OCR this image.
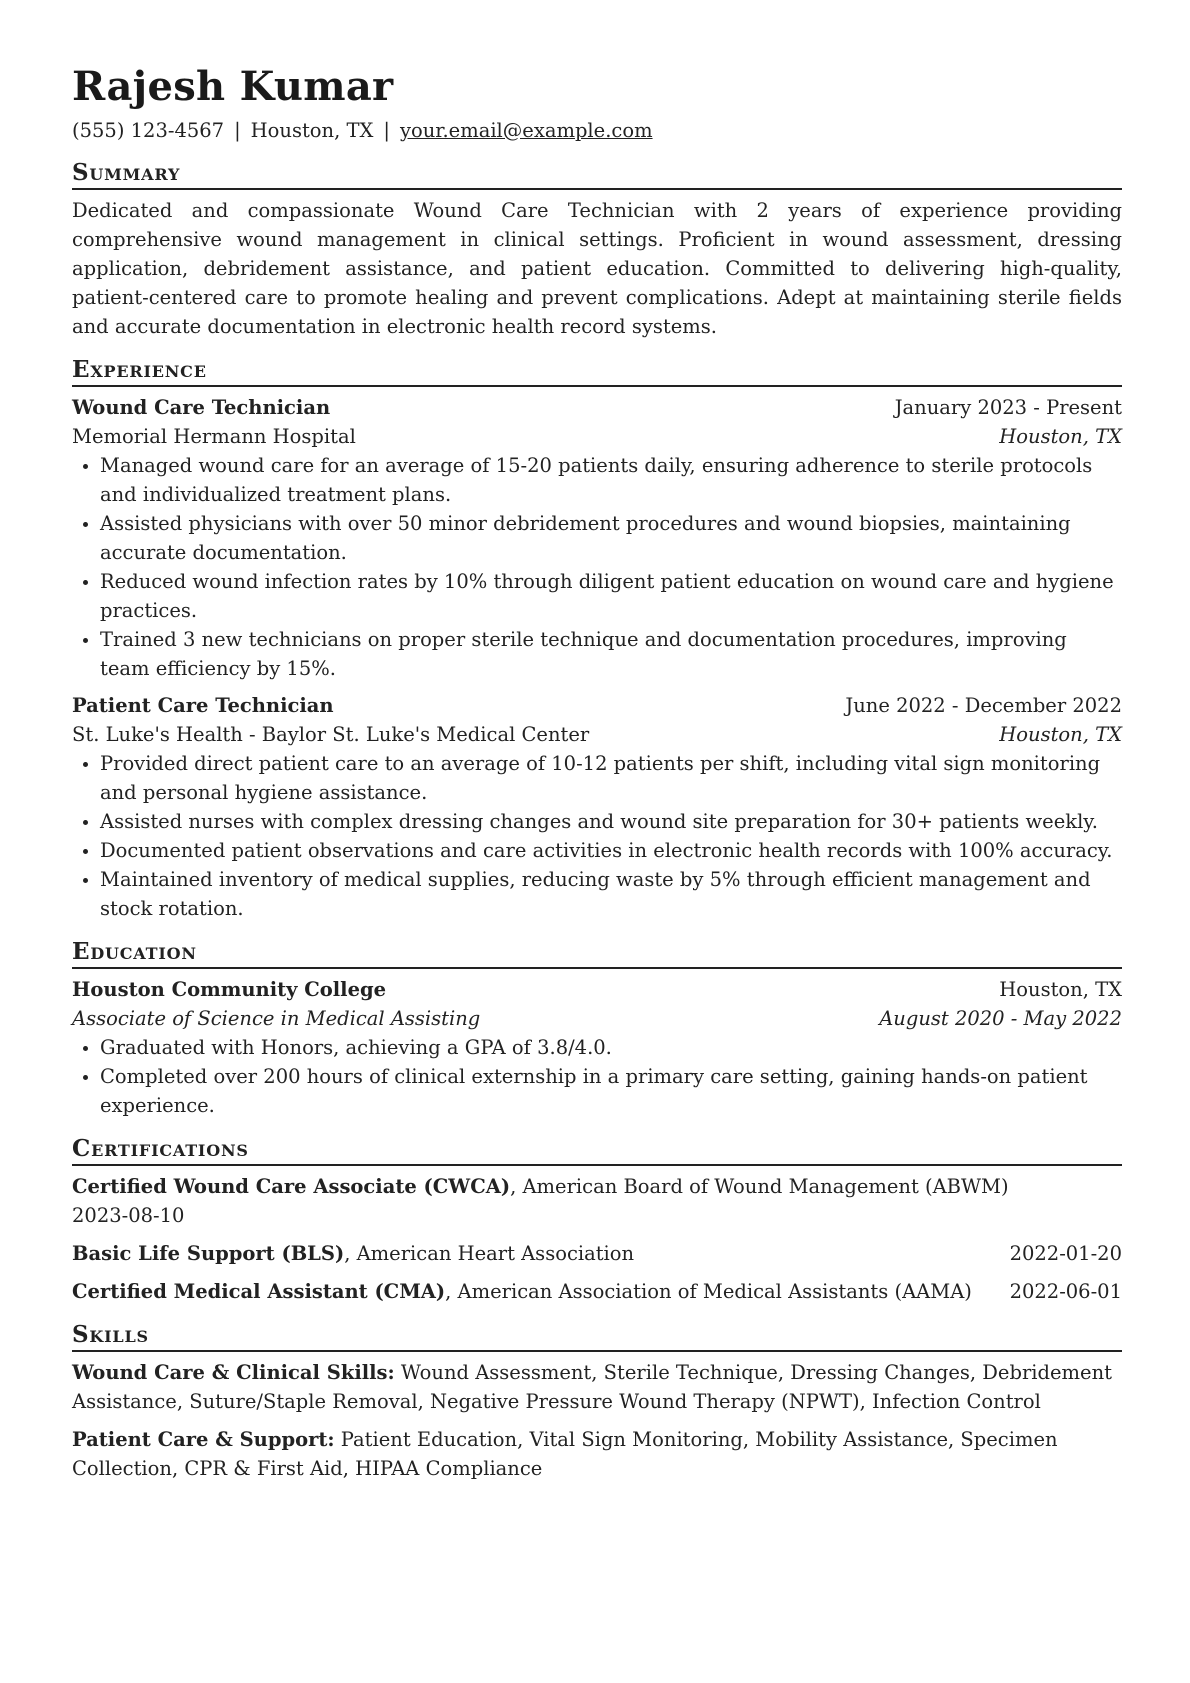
Rajesh Kumar
(555) 123-4567 | Houston, TX | your.email@example.com
Summary
Dedicated and compassionate Wound Care Technician with 2 years of experience providing comprehensive wound management in clinical settings. Proficient in wound assessment, dressing application, debridement assistance, and patient education. Committed to delivering high-quality, patient-centered care to promote healing and prevent complications. Adept at maintaining sterile fields and accurate documentation in electronic health record systems.
Experience
Wound Care Technician	January 2023 - Present
Memorial Hermann Hospital	Houston, TX
• Managed wound care for an average of 15-20 patients daily, ensuring adherence to sterile protocols and individualized treatment plans.
• Assisted physicians with over 50 minor debridement procedures and wound biopsies, maintaining accurate documentation.
• Reduced wound infection rates by 10% through diligent patient education on wound care and hygiene practices.
• Trained 3 new technicians on proper sterile technique and documentation procedures, improving team efficiency by 15%.
Patient Care Technician	June 2022 - December 2022
St. Luke's Health - Baylor St. Luke's Medical Center	Houston, TX
• Provided direct patient care to an average of 10-12 patients per shift, including vital sign monitoring and personal hygiene assistance.
• Assisted nurses with complex dressing changes and wound site preparation for 30+ patients weekly.
• Documented patient observations and care activities in electronic health records with 100% accuracy.
• Maintained inventory of medical supplies, reducing waste by 5% through efficient management and stock rotation.
Education
Houston Community College	Houston, TX
Associate of Science in Medical Assisting	August 2020 - May 2022
• Graduated with Honors, achieving a GPA of 3.8/4.0.
• Completed over 200 hours of clinical externship in a primary care setting, gaining hands-on patient experience.
Certifications
Certified Wound Care Associate (CWCA), American Board of Wound Management (ABWM)
2023-08-10
Basic Life Support (BLS), American Heart Association	2022-01-20
Certified Medical Assistant (CMA), American Association of Medical Assistants (AAMA) 2022-06-01
Skills
Wound Care & Clinical Skills: Wound Assessment, Sterile Technique, Dressing Changes, Debridement Assistance, Suture/Staple Removal, Negative Pressure Wound Therapy (NPWT), Infection Control
Patient Care & Support: Patient Education, Vital Sign Monitoring, Mobility Assistance, Specimen Collection, CPR & First Aid, HIPAA Compliance
